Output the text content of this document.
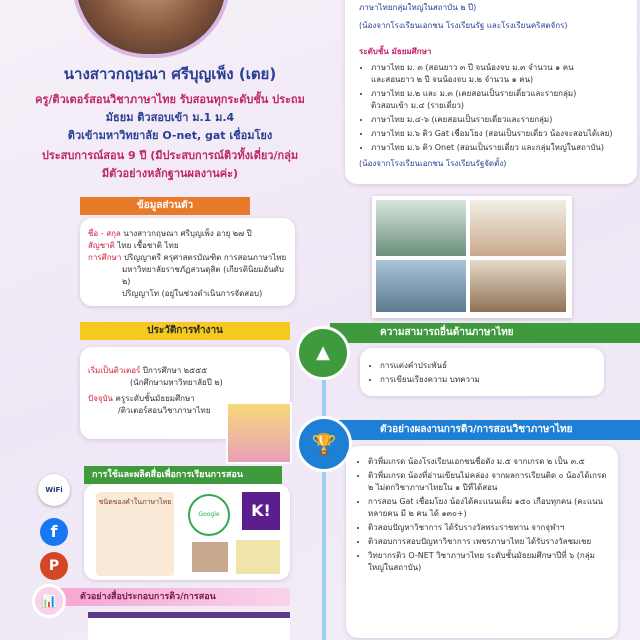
นางสาวกฤษณา ศรีบุญเพ็ง (เตย)
ครู/ติวเตอร์สอนวิชาภาษาไทย รับสอนทุกระดับชั้น ประถม
มัธยม ติวสอบเข้า ม.1 ม.4
ติวเข้ามหาวิทยาลัย O-net, gat เชื่อมโยง
ประสบการณ์สอน 9 ปี (มีประสบการณ์ติวทั้งเดี่ยว/กลุ่ม
มีตัวอย่างหลักฐานผลงานค่ะ)
ภาษาไทยกลุ่มใหญ่ในสถาบัน ๒ ปี)
(น้องจากโรงเรียนเอกชน โรงเรียนรัฐ และโรงเรียนคริสตจักร)
ระดับชั้น มัธยมศึกษา
• ภาษาไทย ม. ๓ (สอนยาว ๓ ปี จนน้องจบ ม.๓ จำนวน ๑ คน
และสอนยาว ๒ ปี จนน้องจบ ม.๒ จำนวน ๑ คน)
• ภาษาไทย ม.๒ และ ม.๓ (เคยสอนเป็นรายเดี่ยวและรายกลุ่ม)
ติวสอบเข้า ม.๔ (รายเดี่ยว)
• ภาษาไทย ม.๔-๖ (เคยสอนเป็นรายเดี่ยวและรายกลุ่ม)
• ภาษาไทย ม.๖ ติว Gat เชื่อมโยง (สอนเป็นรายเดี่ยว น้องจะสอบได้เลย)
• ภาษาไทย ม.๖ ติว Onet (สอนเป็นรายเดี่ยว และกลุ่มใหญ่ในสถาบัน)
(น้องจากโรงเรียนเอกชน โรงเรียนรัฐจัดตั้ง)
ข้อมูลส่วนตัว
ชื่อ - สกุล นางสาวกฤษณา ศรีบุญเพ็ง อายุ ๒๗ ปี
สัญชาติ ไทย เชื้อชาติ ไทย
การศึกษา ปริญญาตรี ครุศาสตรบัณฑิต การสอนภาษาไทย
มหาวิทยาลัยราชภัฏสวนดุสิต (เกียรตินิยมอันดับ ๒)
ปริญญาโท (อยู่ในช่วงดำเนินการจัดสอบ)
ประวัติการทำงาน
เริ่มเป็นติวเตอร์ ปีการศึกษา ๒๕๕๕
(นักศึกษามหาวิทยาลัยปี ๒)
ปัจจุบัน ครูระดับชั้นมัธยมศึกษา
/ติวเตอร์สอนวิชาภาษาไทย
ความสามารถอื่นด้านภาษาไทย
▲
• การแต่งคำประพันธ์
• การเขียนเรียงความ บทความ
ตัวอย่างผลงานการติว/การสอนวิชาภาษาไทย
🏆
• ติวพี่มเกรด น้องโรงเรียนเอกชนชื่อดัง ม.๕ จากเกรด ๒ เป็น ๓.๕
• ติวพี่มเกรด น้องที่อ่านเขียนไม่คล่อง จากผลการเรียนติด ๐ น้องได้เกรด ๒ ไม่ตกวิชาภาษาไทยใน ๑ ปีที่ได้สอน
• การสอน Gat เชื่อมโยง น้องได้คะแนนเต็ม ๑๕๐ เกือบทุกคน (คะแนนหลายคน มี ๒ คน ได้ ๑๓๐+)
• ติวสอบปัญหาวิชาการ ได้รับรางวัลพระราชทาน จากจุฬาฯ
• ติวสอบการสอบปัญหาวิชาการ เพชรภาษาไทย ได้รับรางวัลชมเชย
• วิทยากรติว O-NET วิชาภาษาไทย ระดับชั้นมัธยมศึกษาปีที่ ๖ (กลุ่มใหญ่ในสถาบัน)
การใช้และผลิตสื่อเพื่อการเรียนการสอน
ชนิดของคำในภาษาไทย
Google	K!
WiFi
f
P
ตัวอย่างสื่อประกอบการติว/การสอน
📊
